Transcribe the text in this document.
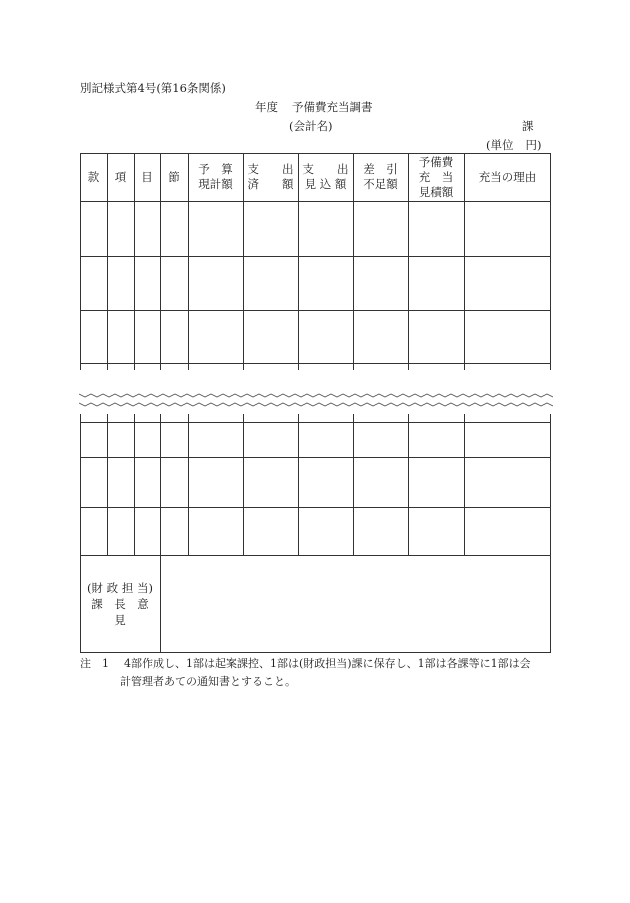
別記様式第4号(第16条関係)
年度 予備費充当調書
(会計名)	課
(単位 円)
款 項 目 節
予　算
現計額
支　　出
済　　額
支　　出
見 込 額
差　引
不足額
予備費
充　当
見積額
充当の理由
(財 政 担 当)
課　長　意　見
注 1 4部作成し、1部は起案課控、1部は(財政担当)課に保存し、1部は各課等に1部は会
計管理者あての通知書とすること。
